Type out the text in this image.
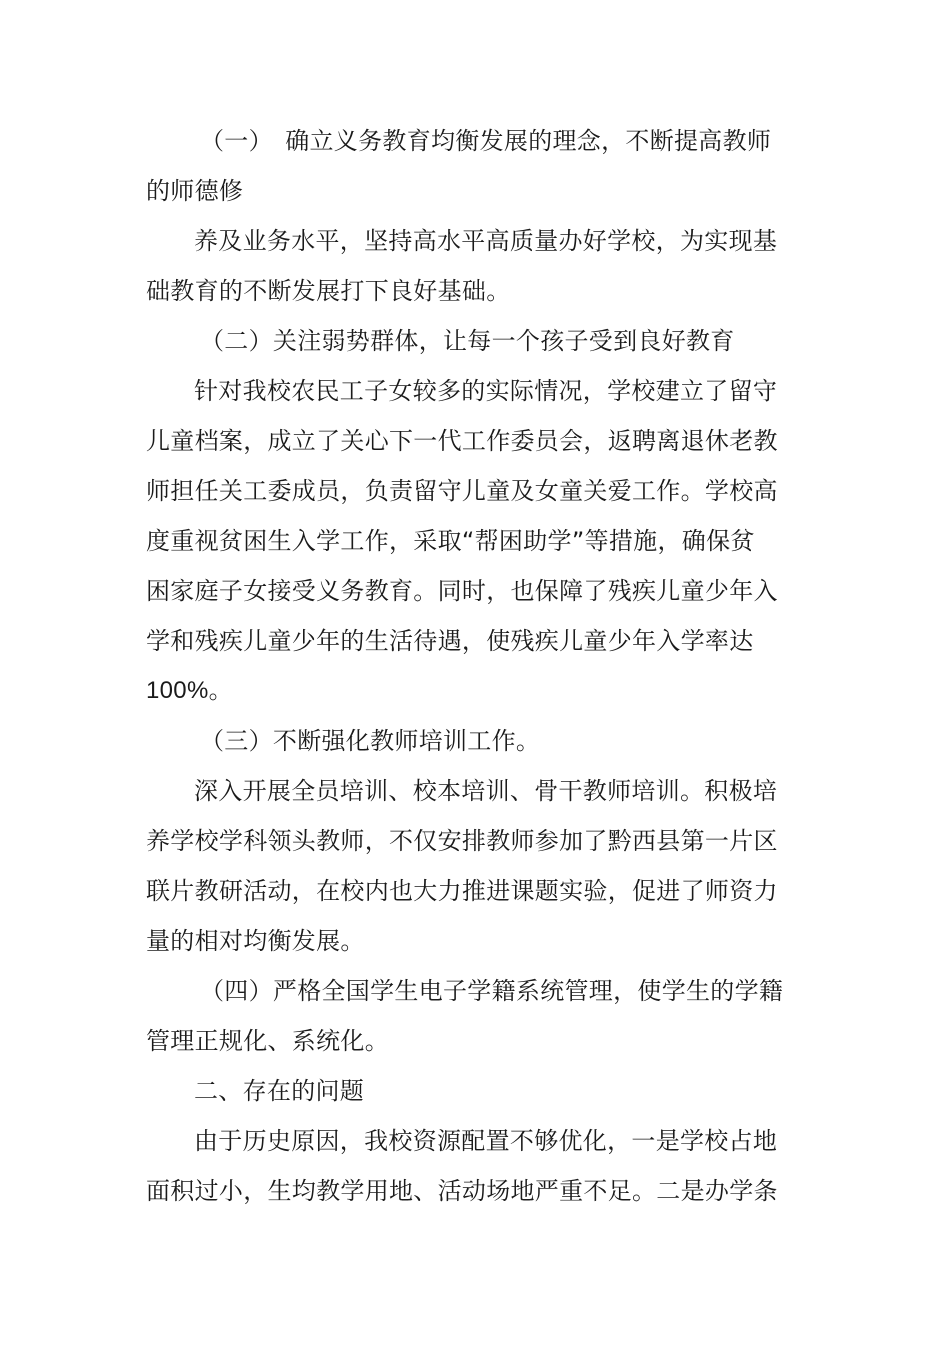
（一）　确立义务教育均衡发展的理念，不断提高教师
的师德修
养及业务水平，坚持高水平高质量办好学校，为实现基
础教育的不断发展打下良好基础。
（二）关注弱势群体，让每一个孩子受到良好教育
针对我校农民工子女较多的实际情况，学校建立了留守
儿童档案，成立了关心下一代工作委员会，返聘离退休老教
师担任关工委成员，负责留守儿童及女童关爱工作。学校高
度重视贫困生入学工作，采取“帮困助学”等措施，确保贫
困家庭子女接受义务教育。同时，也保障了残疾儿童少年入
学和残疾儿童少年的生活待遇，使残疾儿童少年入学率达
100%。
（三）不断强化教师培训工作。
深入开展全员培训、校本培训、骨干教师培训。积极培
养学校学科领头教师，不仅安排教师参加了黔西县第一片区
联片教研活动，在校内也大力推进课题实验，促进了师资力
量的相对均衡发展。
（四）严格全国学生电子学籍系统管理，使学生的学籍
管理正规化、系统化。
二、存在的问题
由于历史原因，我校资源配置不够优化，一是学校占地
面积过小，生均教学用地、活动场地严重不足。二是办学条
